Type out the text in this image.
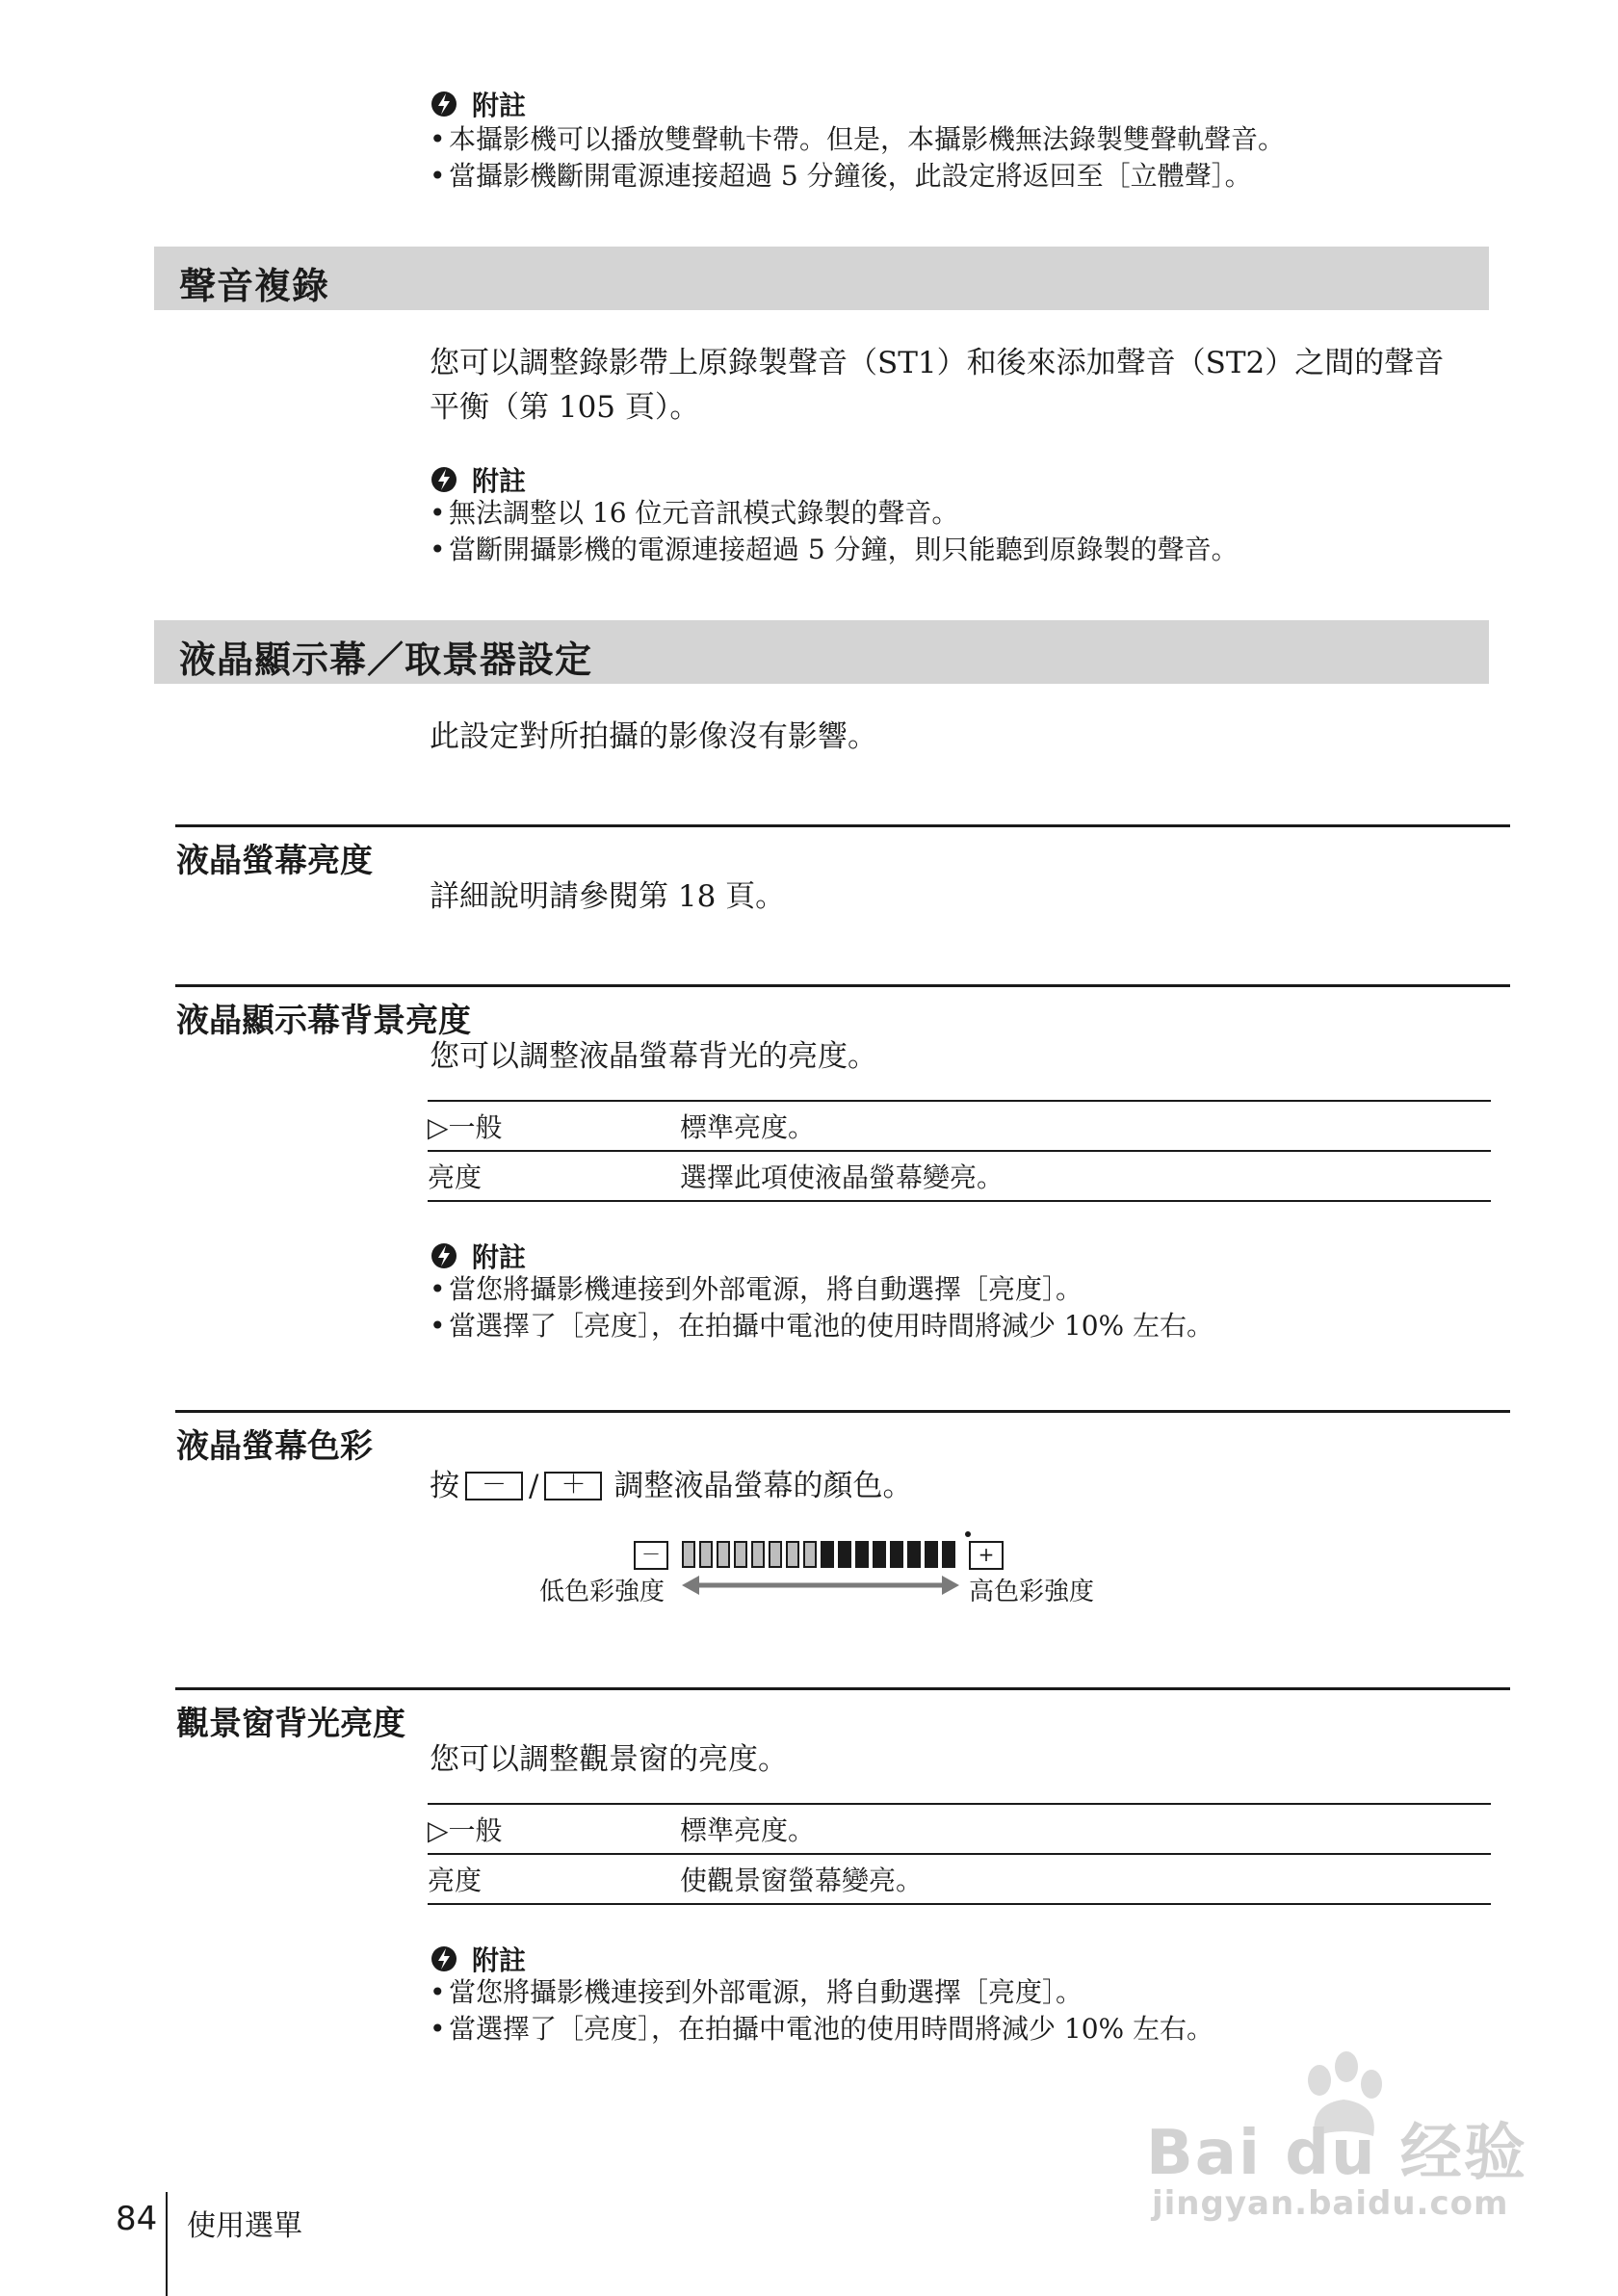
附註
• 本攝影機可以播放雙聲軌卡帶。但是，本攝影機無法錄製雙聲軌聲音。
• 當攝影機斷開電源連接超過 5 分鐘後，此設定將返回至［立體聲］。
聲音複錄
您可以調整錄影帶上原錄製聲音（ST1）和後來添加聲音（ST2）之間的聲音
平衡（第 105 頁）。
附註
• 無法調整以 16 位元音訊模式錄製的聲音。
• 當斷開攝影機的電源連接超過 5 分鐘，則只能聽到原錄製的聲音。
液晶顯示幕／取景器設定
此設定對所拍攝的影像沒有影響。
液晶螢幕亮度
詳細說明請參閱第 18 頁。
液晶顯示幕背景亮度
您可以調整液晶螢幕背光的亮度。
▷一般	標準亮度。
亮度	選擇此項使液晶螢幕變亮。
附註
• 當您將攝影機連接到外部電源，將自動選擇［亮度］。
• 當選擇了［亮度］，在拍攝中電池的使用時間將減少 10% 左右。
液晶螢幕色彩
按 － / ＋ 調整液晶螢幕的顏色。
－	+
低色彩強度	高色彩強度
觀景窗背光亮度
您可以調整觀景窗的亮度。
▷一般	標準亮度。
亮度	使觀景窗螢幕變亮。
附註
• 當您將攝影機連接到外部電源，將自動選擇［亮度］。
• 當選擇了［亮度］，在拍攝中電池的使用時間將減少 10% 左右。
84 使用選單
Bai du 经验
jingyan.baidu.com
